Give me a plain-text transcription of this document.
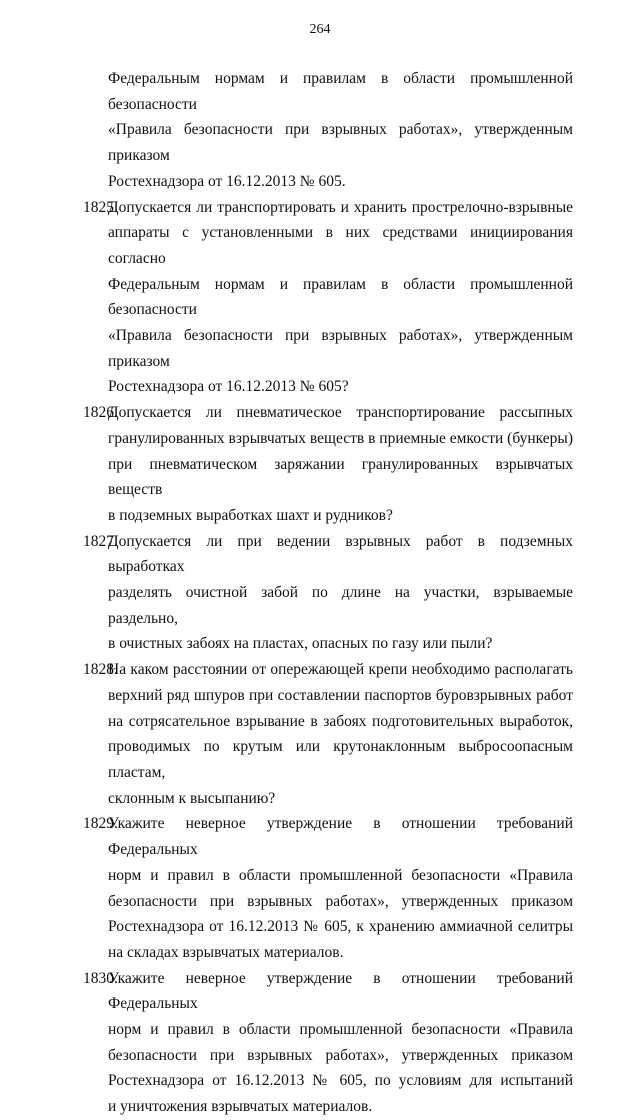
264
Федеральным нормам и правилам в области промышленной безопасности
«Правила безопасности при взрывных работах», утвержденным приказом
Ростехнадзора от 16.12.2013 № 605.
1825.
Допускается ли транспортировать и хранить прострелочно-взрывные
аппараты с установленными в них средствами инициирования согласно
Федеральным нормам и правилам в области промышленной безопасности
«Правила безопасности при взрывных работах», утвержденным приказом
Ростехнадзора от 16.12.2013 № 605?
1826.
Допускается ли пневматическое транспортирование рассыпных
гранулированных взрывчатых веществ в приемные емкости (бункеры)
при пневматическом заряжании гранулированных взрывчатых веществ
в подземных выработках шахт и рудников?
1827.
Допускается ли при ведении взрывных работ в подземных выработках
разделять очистной забой по длине на участки, взрываемые раздельно,
в очистных забоях на пластах, опасных по газу или пыли?
1828.
На каком расстоянии от опережающей крепи необходимо располагать
верхний ряд шпуров при составлении паспортов буровзрывных работ
на сотрясательное взрывание в забоях подготовительных выработок,
проводимых по крутым или крутонаклонным выбросоопасным пластам,
склонным к высыпанию?
1829.
Укажите неверное утверждение в отношении требований Федеральных
норм и правил в области промышленной безопасности «Правила
безопасности при взрывных работах», утвержденных приказом
Ростехнадзора от 16.12.2013 № 605, к хранению аммиачной селитры
на складах взрывчатых материалов.
1830.
Укажите неверное утверждение в отношении требований Федеральных
норм и правил в области промышленной безопасности «Правила
безопасности при взрывных работах», утвержденных приказом
Ростехнадзора от 16.12.2013 № 605, по условиям для испытаний
и уничтожения взрывчатых материалов.
